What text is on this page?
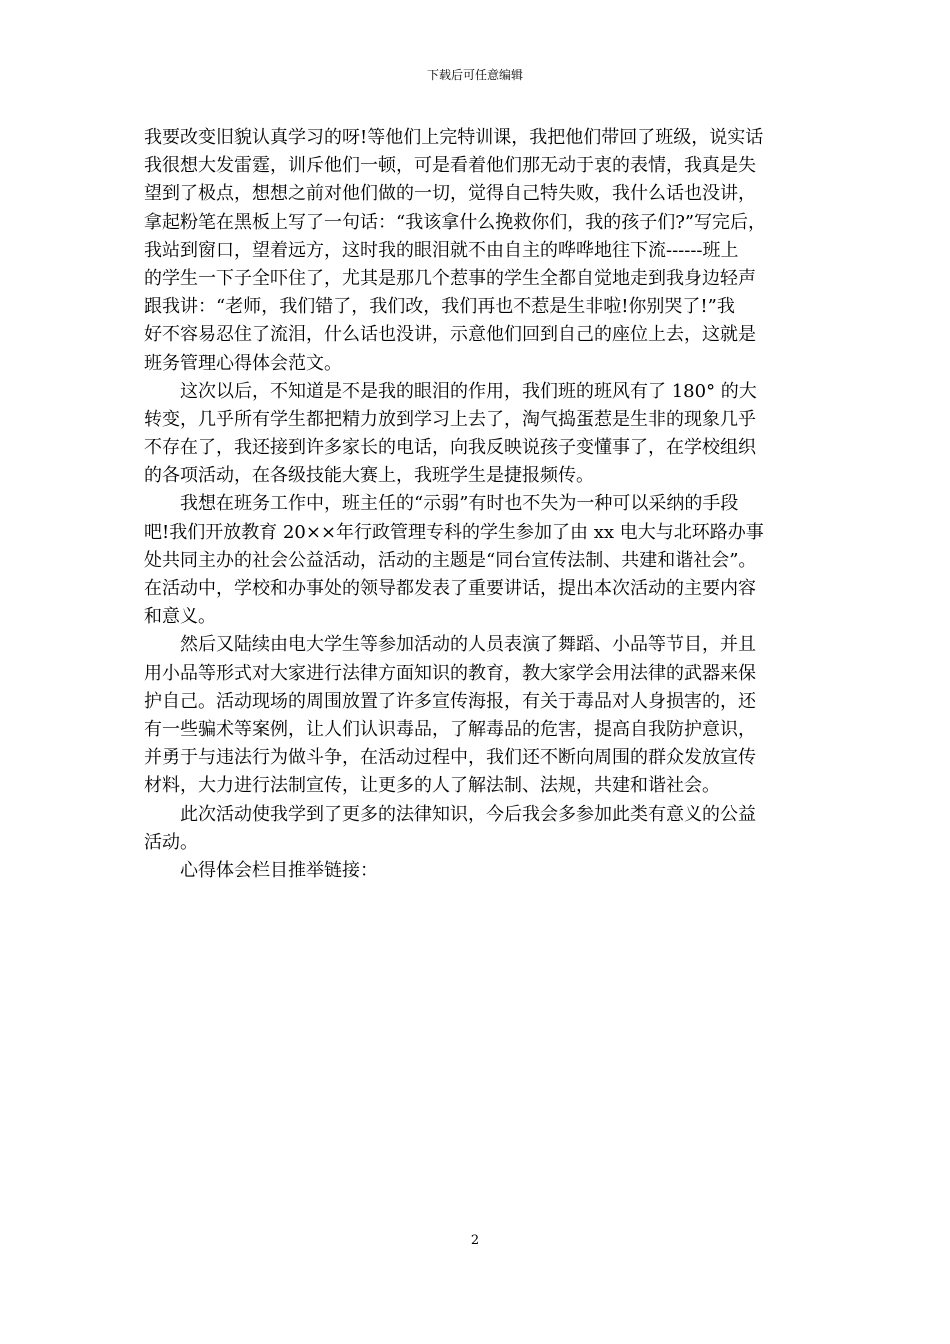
下载后可任意编辑

我要改变旧貌认真学习的呀!等他们上完特训课，我把他们带回了班级，说实话
我很想大发雷霆，训斥他们一顿，可是看着他们那无动于衷的表情，我真是失
望到了极点，想想之前对他们做的一切，觉得自己特失败，我什么话也没讲，
拿起粉笔在黑板上写了一句话：“我该拿什么挽救你们，我的孩子们?”写完后，
我站到窗口，望着远方，这时我的眼泪就不由自主的哗哗地往下流------班上
的学生一下子全吓住了，尤其是那几个惹事的学生全都自觉地走到我身边轻声
跟我讲：“老师，我们错了，我们改，我们再也不惹是生非啦!你别哭了!”我
好不容易忍住了流泪，什么话也没讲，示意他们回到自己的座位上去，这就是
班务管理心得体会范文。

　　这次以后，不知道是不是我的眼泪的作用，我们班的班风有了 180° 的大
转变，几乎所有学生都把精力放到学习上去了，淘气捣蛋惹是生非的现象几乎
不存在了，我还接到许多家长的电话，向我反映说孩子变懂事了，在学校组织
的各项活动，在各级技能大赛上，我班学生是捷报频传。

　　我想在班务工作中，班主任的“示弱”有时也不失为一种可以采纳的手段
吧!我们开放教育 20××年行政管理专科的学生参加了由 xx 电大与北环路办事
处共同主办的社会公益活动，活动的主题是“同台宣传法制、共建和谐社会”。
在活动中，学校和办事处的领导都发表了重要讲话，提出本次活动的主要内容
和意义。

　　然后又陆续由电大学生等参加活动的人员表演了舞蹈、小品等节目，并且
用小品等形式对大家进行法律方面知识的教育，教大家学会用法律的武器来保
护自己。活动现场的周围放置了许多宣传海报，有关于毒品对人身损害的，还
有一些骗术等案例，让人们认识毒品，了解毒品的危害，提高自我防护意识，
并勇于与违法行为做斗争，在活动过程中，我们还不断向周围的群众发放宣传
材料，大力进行法制宣传，让更多的人了解法制、法规，共建和谐社会。

　　此次活动使我学到了更多的法律知识，今后我会多参加此类有意义的公益
活动。

　　心得体会栏目推举链接：

2
